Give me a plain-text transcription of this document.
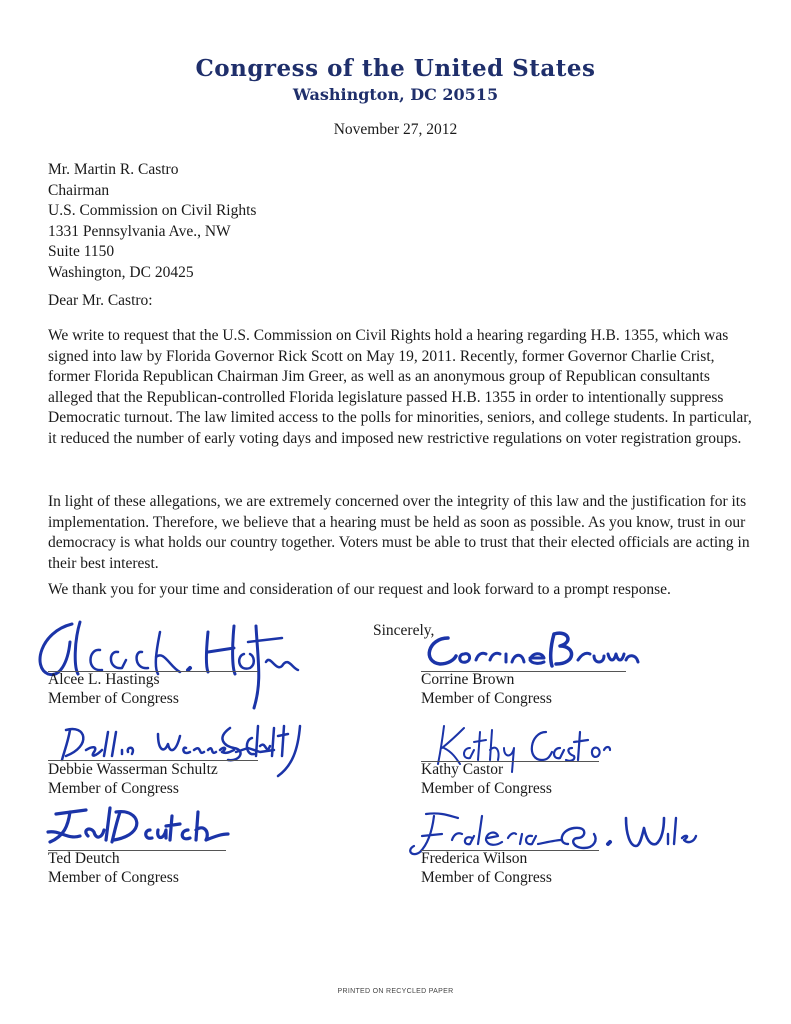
Congress of the United States
Washington, DC 20515
November 27, 2012
Mr. Martin R. Castro
Chairman
U.S. Commission on Civil Rights
1331 Pennsylvania Ave., NW
Suite 1150
Washington, DC 20425
Dear Mr. Castro:

We write to request that the U.S. Commission on Civil Rights hold a hearing regarding H.B. 1355, which was signed into law by Florida Governor Rick Scott on May 19, 2011. Recently, former Governor Charlie Crist, former Florida Republican Chairman Jim Greer, as well as an anonymous group of Republican consultants alleged that the Republican-controlled Florida legislature passed H.B. 1355 in order to intentionally suppress Democratic turnout. The law limited access to the polls for minorities, seniors, and college students. In particular, it reduced the number of early voting days and imposed new restrictive regulations on voter registration groups.

In light of these allegations, we are extremely concerned over the integrity of this law and the justification for its implementation. Therefore, we believe that a hearing must be held as soon as possible. As you know, trust in our democracy is what holds our country together. Voters must be able to trust that their elected officials are acting in their best interest.

We thank you for your time and consideration of our request and look forward to a prompt response.

Sincerely,
Alcee L. Hastings
Member of Congress
Corrine Brown
Member of Congress
Debbie Wasserman Schultz
Member of Congress
Kathy Castor
Member of Congress
Ted Deutch
Member of Congress
Frederica Wilson
Member of Congress
PRINTED ON RECYCLED PAPER
